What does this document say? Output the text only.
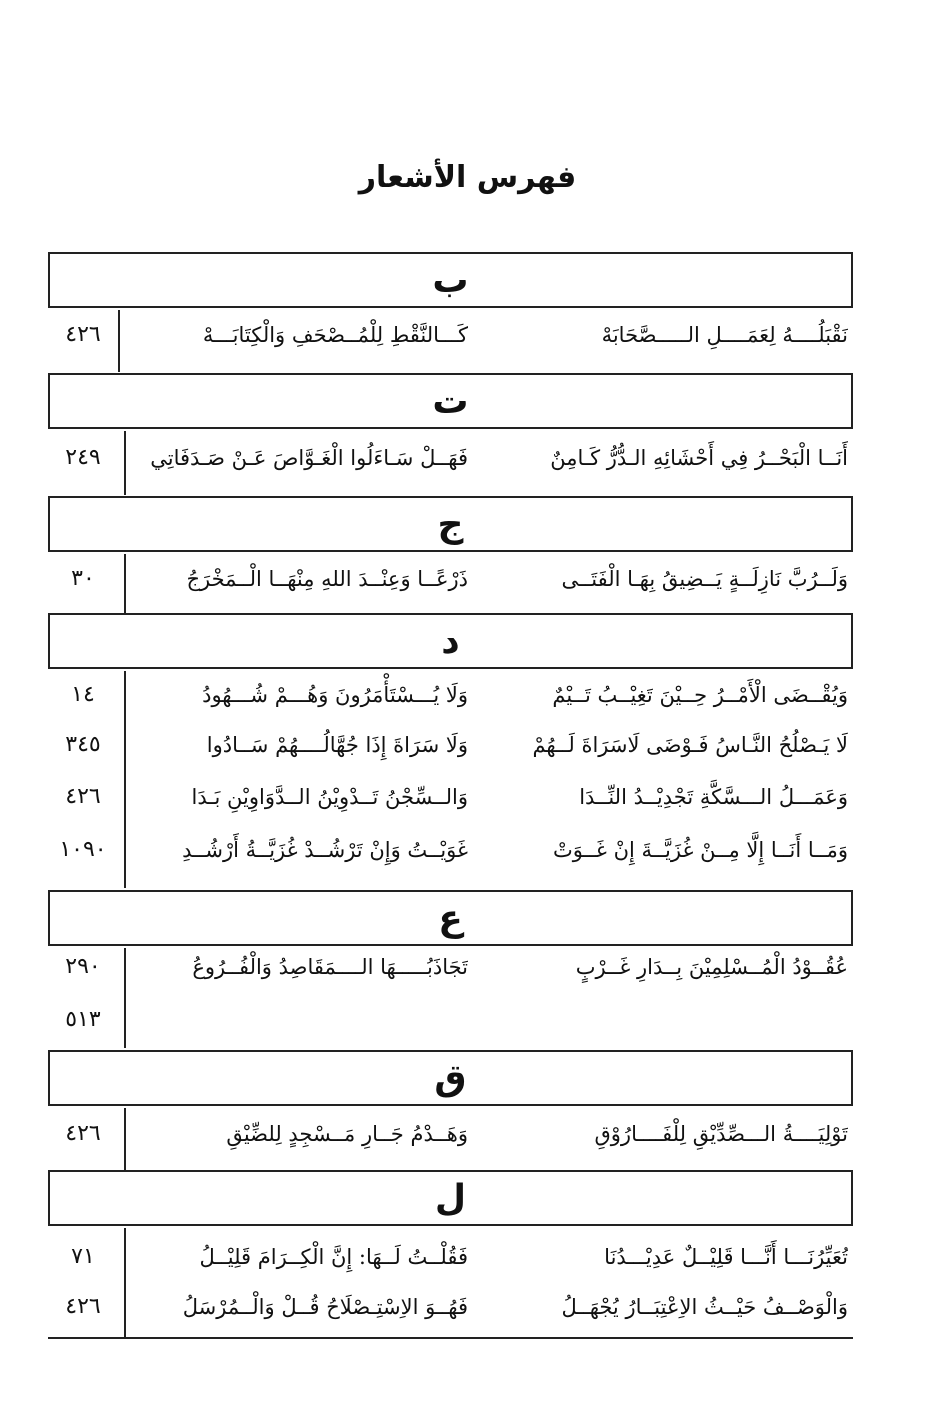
فهرس الأشعار
ب
٤٢٦	كَـــالنَّقْطِ لِلْمُــصْحَفِ وَالْكِتَابَـــهْ	نَقْبَلُــــهُ لِعَمَــــلِ الـــــصَّحَابَهْ
ت
٢٤٩	فَهَــلْ سَـاءَلُوا الْغَـوَّاصَ عَـنْ صَـدَفَاتِي	أَنَــا الْبَحْــرُ فِي أَحْشَائِهِ الـدُّرُّ كَـامِنٌ
ج
٣٠	ذَرْعًــا وَعِنْــدَ اللهِ مِنْهَــا الْــمَخْرَجُ	وَلَــرُبَّ نَازِلَــةٍ يَــضِيقُ بِهَـا الْفَتَــى
د
١٤	وَلَا يُـــسْتَأْمَرُونَ وَهُـــمْ شُـــهُودُ	وَيُقْــضَى الْأَمْــرُ حِــيْنَ تَغِيْــبُ تَــيْمٌ
٣٤٥	وَلَا سَرَاةَ إِذَا جُهَّالُــــهُمْ سَــادُوا	لَا يَـصْلُحُ النَّـاسُ فَـوْضَى لَاسَرَاةَ لَــهُمْ
٤٢٦	وَالــسِّجْنُ تَــدْوِيْنُ الــدَّوَاوِيْنِ بَـدَا	وَعَمَـــلُ الـــسَّكَّةِ تَجْدِيْــدُ النِّــدَا
١٠٩٠	غَوَيْــتُ وَإِنْ تَرْشُــدْ غُزَيَّــةُ أَرْشُــدِ	وَمَــا أَنَــا إِلَّا مِــنْ غُزَيَّــةَ إِنْ غَــوَتْ
ع
٢٩٠	تَجَاذَبُـــــهَا الــــمَقَاصِدُ وَالْفُــرُوعُ	عُقُــوْدُ الْمُــسْلِمِيْنَ بِــدَارِ غَــرْبٍ
٥١٣
ق
٤٢٦	وَهَــدْمُ جَــارِ مَــسْجِدٍ لِلضِّيْقِ	تَوْلِيَــــةُ الـــصِّدِّيْقِ لِلْفَــــارُوْقِ
ل
٧١	فَقُلْــتُ لَــهَا: إِنَّ الْكِــرَامَ قَلِيْــلُ	تُعَيِّرُنَـــا أَنَّـــا قَلِيْــلٌ عَدِيْـــدُنَا
٤٢٦	فَهُــوَ الاِسْتِـصْلَاحُ قُــلْ وَالْــمُرْسَلُ	وَالْوَصْــفُ حَيْــثُ الاِعْتِبَــارُ يُجْهَــلُ
